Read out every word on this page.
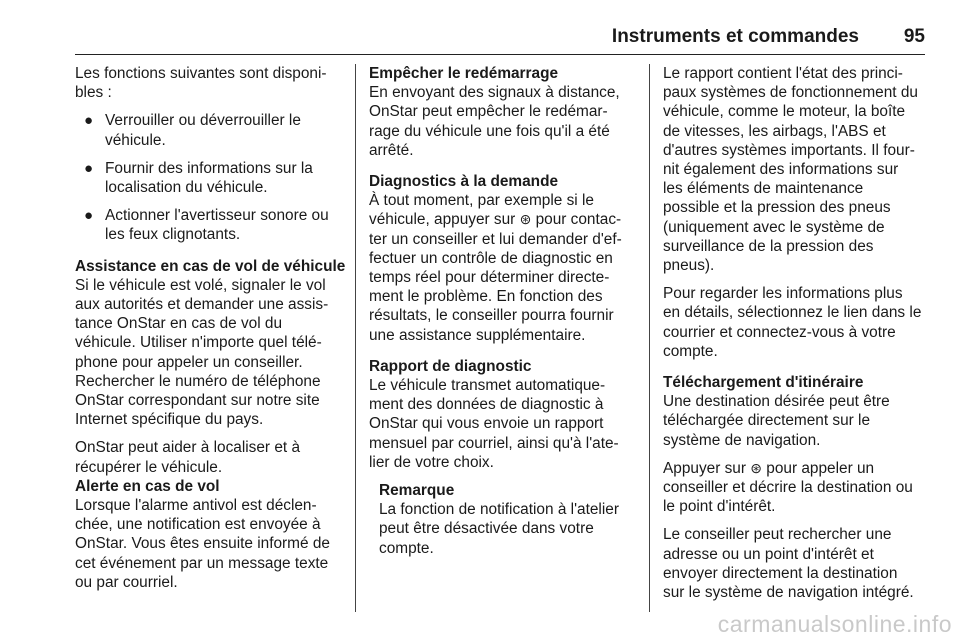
Instruments et commandes 95
Les fonctions suivantes sont disponi-
bles :
● Verrouiller ou déverrouiller le
véhicule.
● Fournir des informations sur la
localisation du véhicule.
● Actionner l'avertisseur sonore ou
les feux clignotants.
Assistance en cas de vol de véhicule
Si le véhicule est volé, signaler le vol
aux autorités et demander une assis-
tance OnStar en cas de vol du
véhicule. Utiliser n'importe quel télé-
phone pour appeler un conseiller.
Rechercher le numéro de téléphone
OnStar correspondant sur notre site
Internet spécifique du pays.
OnStar peut aider à localiser et à
récupérer le véhicule.
Alerte en cas de vol
Lorsque l'alarme antivol est déclen-
chée, une notification est envoyée à
OnStar. Vous êtes ensuite informé de
cet événement par un message texte
ou par courriel.
Empêcher le redémarrage
En envoyant des signaux à distance,
OnStar peut empêcher le redémar-
rage du véhicule une fois qu'il a été
arrêté.
Diagnostics à la demande
À tout moment, par exemple si le
véhicule, appuyer sur ⊛ pour contac-
ter un conseiller et lui demander d'ef-
fectuer un contrôle de diagnostic en
temps réel pour déterminer directe-
ment le problème. En fonction des
résultats, le conseiller pourra fournir
une assistance supplémentaire.
Rapport de diagnostic
Le véhicule transmet automatique-
ment des données de diagnostic à
OnStar qui vous envoie un rapport
mensuel par courriel, ainsi qu'à l'ate-
lier de votre choix.
Remarque
La fonction de notification à l'atelier
peut être désactivée dans votre
compte.
Le rapport contient l'état des princi-
paux systèmes de fonctionnement du
véhicule, comme le moteur, la boîte
de vitesses, les airbags, l'ABS et
d'autres systèmes importants. Il four-
nit également des informations sur
les éléments de maintenance
possible et la pression des pneus
(uniquement avec le système de
surveillance de la pression des
pneus).
Pour regarder les informations plus
en détails, sélectionnez le lien dans le
courrier et connectez-vous à votre
compte.
Téléchargement d'itinéraire
Une destination désirée peut être
téléchargée directement sur le
système de navigation.
Appuyer sur ⊛ pour appeler un
conseiller et décrire la destination ou
le point d'intérêt.
Le conseiller peut rechercher une
adresse ou un point d'intérêt et
envoyer directement la destination
sur le système de navigation intégré.
carmanualsonline.info
